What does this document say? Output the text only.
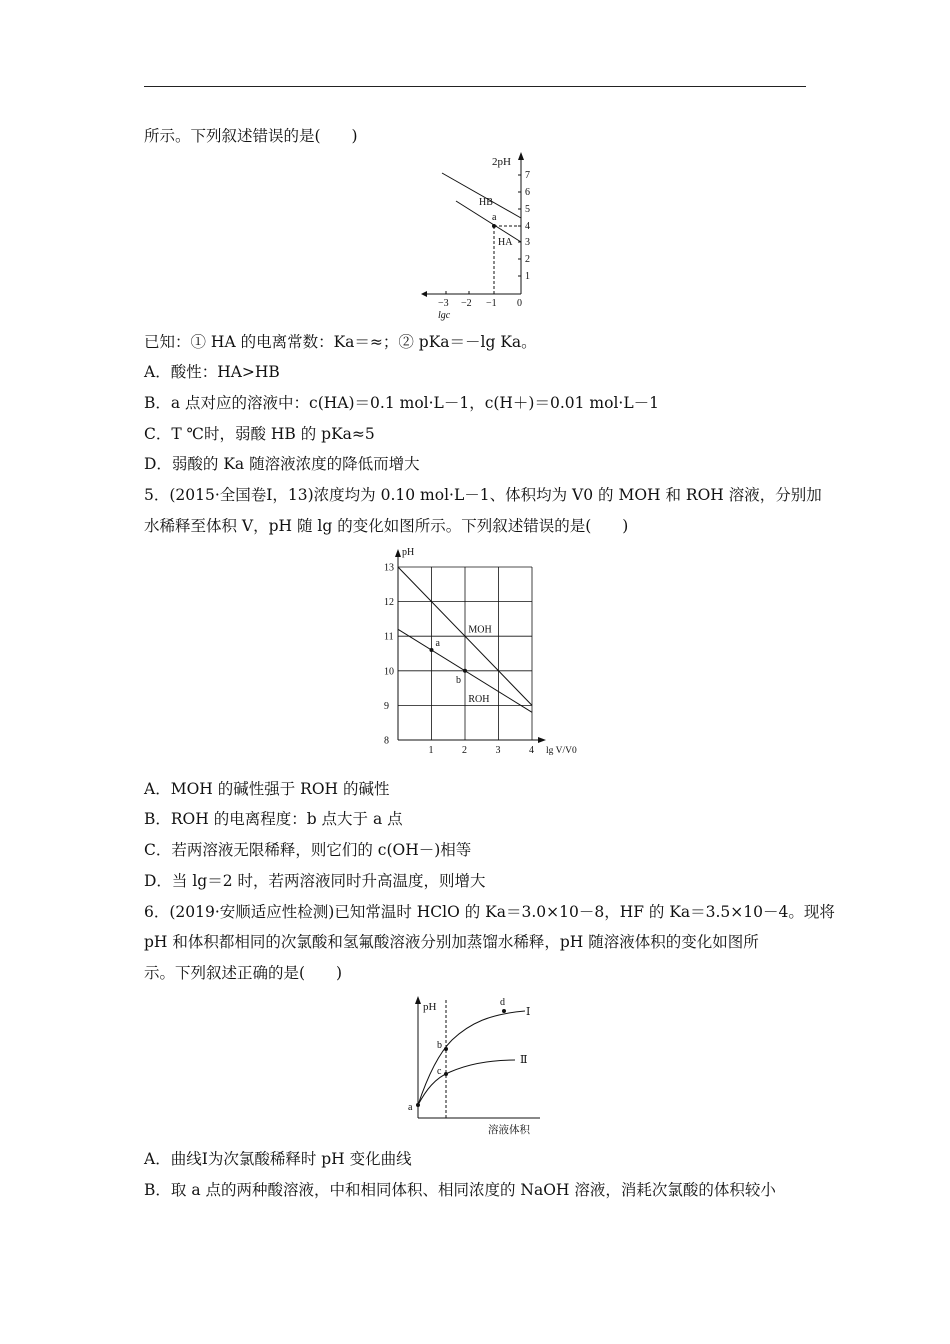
所示。下列叙述错误的是(　　)
2pH
1
2
3
4
5
6
7
−3 −2 −1 0
lgc
a
HB
HA
已知：① HA 的电离常数：Ka＝≈；② pKa＝－lg Ka。
A．酸性：HA>HB
B．a 点对应的溶液中：c(HA)＝0.1 mol·L－1，c(H＋)＝0.01 mol·L－1
C．T ℃时，弱酸 HB 的 pKa≈5
D．弱酸的 Ka 随溶液浓度的降低而增大
5．(2015·全国卷Ⅰ，13)浓度均为 0.10 mol·L－1、体积均为 V0 的 MOH 和 ROH 溶液，分别加
水稀释至体积 V，pH 随 lg 的变化如图所示。下列叙述错误的是(　　)
8
9
10
11
12
13
1	2	3	4
pH
lg V/V0
MOH
ROH
a
b
A．MOH 的碱性强于 ROH 的碱性
B．ROH 的电离程度：b 点大于 a 点
C．若两溶液无限稀释，则它们的 c(OH－)相等
D．当 lg＝2 时，若两溶液同时升高温度，则增大
6．(2019·安顺适应性检测)已知常温时 HClO 的 Ka＝3.0×10－8，HF 的 Ka＝3.5×10－4。现将
pH 和体积都相同的次氯酸和氢氟酸溶液分别加蒸馏水稀释，pH 随溶液体积的变化如图所
示。下列叙述正确的是(　　)
pH
a
b
c
d
Ⅰ
Ⅱ
溶液体积
A．曲线Ⅰ为次氯酸稀释时 pH 变化曲线
B．取 a 点的两种酸溶液，中和相同体积、相同浓度的 NaOH 溶液，消耗次氯酸的体积较小
